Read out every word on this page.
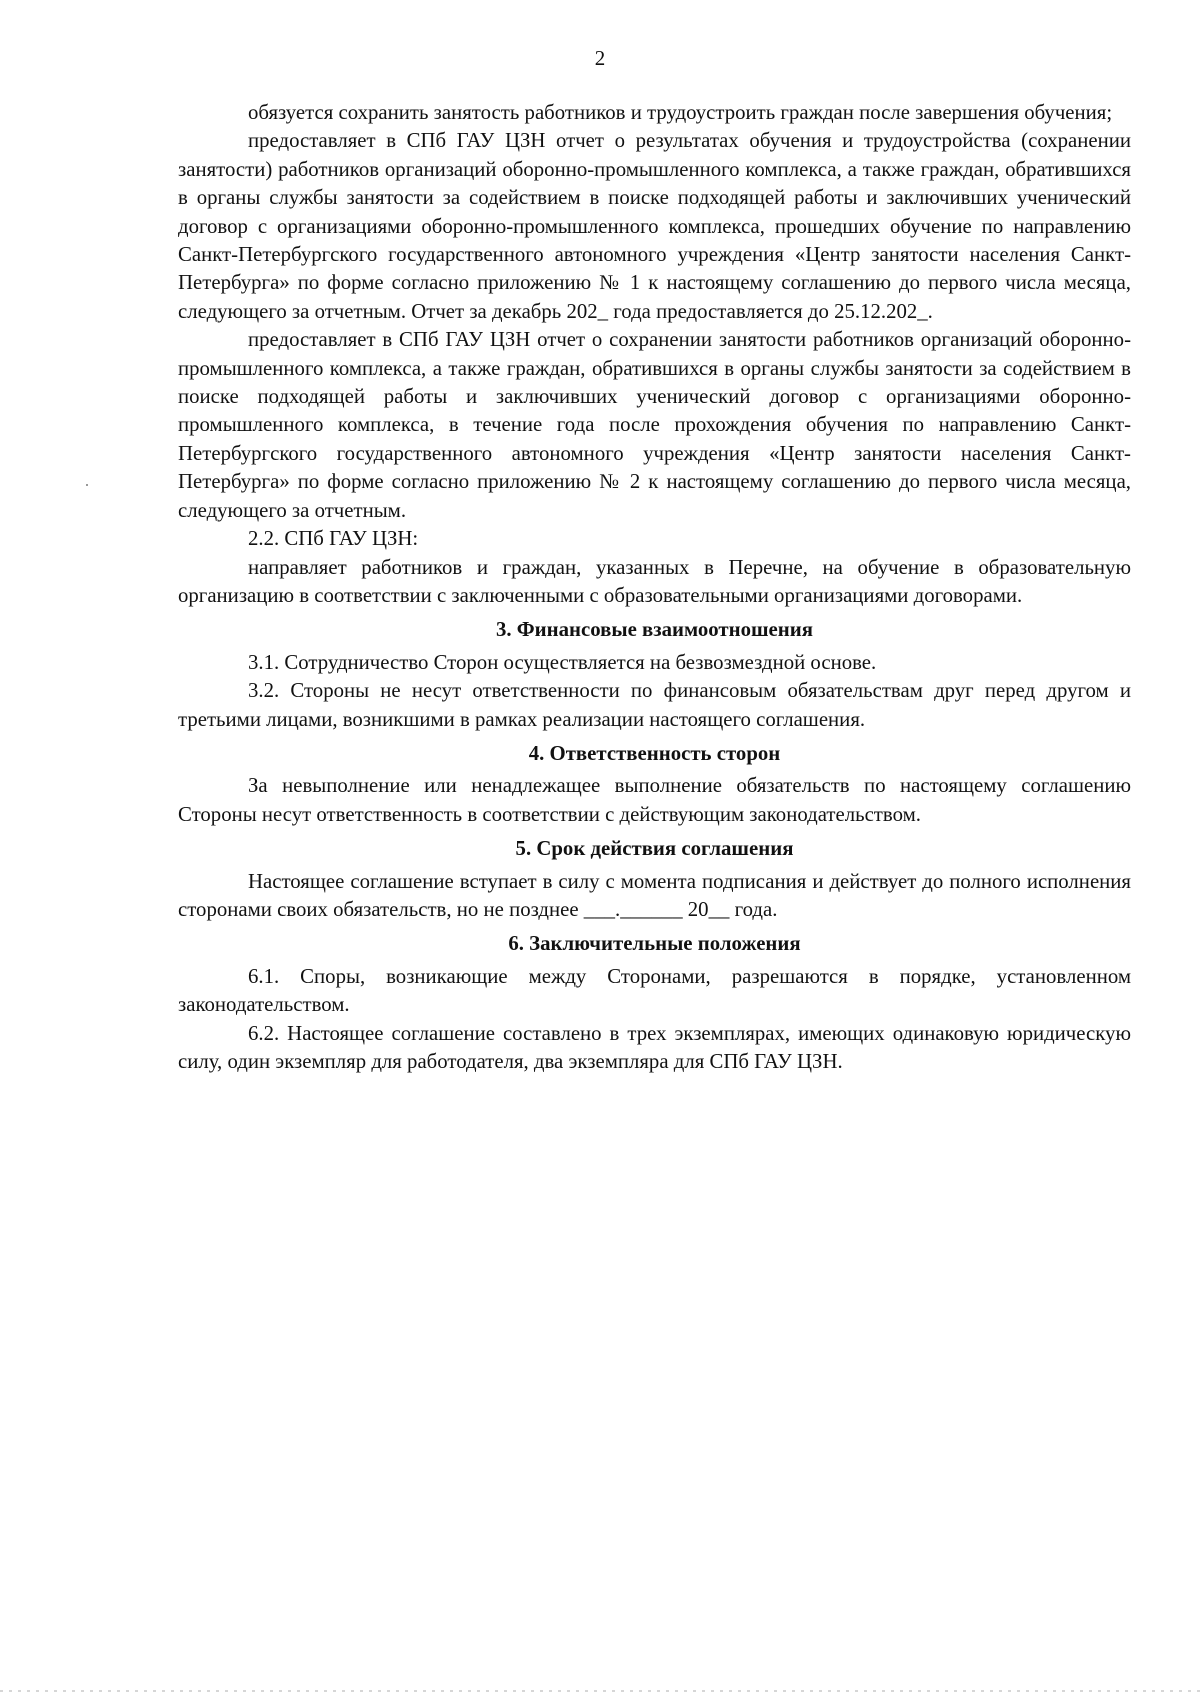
2

обязуется сохранить занятость работников и трудоустроить граждан после завершения обучения;

предоставляет в СПб ГАУ ЦЗН отчет о результатах обучения и трудоустройства (сохранении занятости) работников организаций оборонно-промышленного комплекса, а также граждан, обратившихся в органы службы занятости за содействием в поиске подходящей работы и заключивших ученический договор с организациями оборонно-промышленного комплекса, прошедших обучение по направлению Санкт-Петербургского государственного автономного учреждения «Центр занятости населения Санкт-Петербурга» по форме согласно приложению № 1 к настоящему соглашению до первого числа месяца, следующего за отчетным. Отчет за декабрь 202_ года предоставляется до 25.12.202_.

предоставляет в СПб ГАУ ЦЗН отчет о сохранении занятости работников организаций оборонно-промышленного комплекса, а также граждан, обратившихся в органы службы занятости за содействием в поиске подходящей работы и заключивших ученический договор с организациями оборонно-промышленного комплекса, в течение года после прохождения обучения по направлению Санкт-Петербургского государственного автономного учреждения «Центр занятости населения Санкт-Петербурга» по форме согласно приложению № 2 к настоящему соглашению до первого числа месяца, следующего за отчетным.

2.2. СПб ГАУ ЦЗН:

направляет работников и граждан, указанных в Перечне, на обучение в образовательную организацию в соответствии с заключенными с образовательными организациями договорами.

3. Финансовые взаимоотношения

3.1. Сотрудничество Сторон осуществляется на безвозмездной основе.

3.2. Стороны не несут ответственности по финансовым обязательствам друг перед другом и третьими лицами, возникшими в рамках реализации настоящего соглашения.

4. Ответственность сторон

За невыполнение или ненадлежащее выполнение обязательств по настоящему соглашению Стороны несут ответственность в соответствии с действующим законодательством.

5. Срок действия соглашения

Настоящее соглашение вступает в силу с момента подписания и действует до полного исполнения сторонами своих обязательств, но не позднее ___.______ 20__ года.

6. Заключительные положения

6.1. Споры, возникающие между Сторонами, разрешаются в порядке, установленном законодательством.

6.2. Настоящее соглашение составлено в трех экземплярах, имеющих одинаковую юридическую силу, один экземпляр для работодателя, два экземпляра для СПб ГАУ ЦЗН.
